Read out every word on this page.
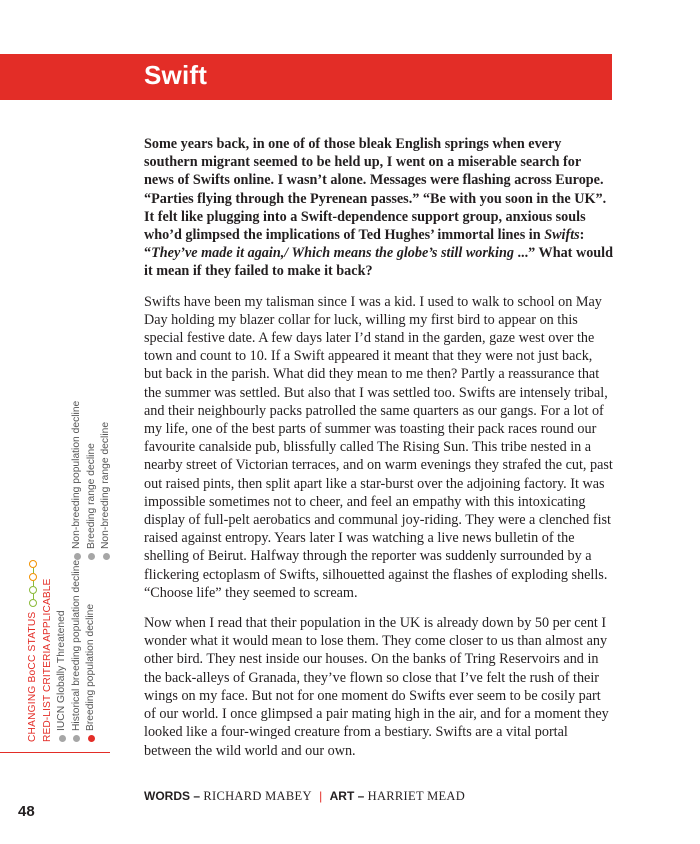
Swift

Some years back, in one of of those bleak English springs when every southern migrant seemed to be held up, I went on a miserable search for news of Swifts online. I wasn’t alone. Messages were flashing across Europe. “Parties flying through the Pyrenean passes.” “Be with you soon in the UK”. It felt like plugging into a Swift-dependence support group, anxious souls who’d glimpsed the implications of Ted Hughes’ immortal lines in Swifts: “They’ve made it again,/ Which means the globe’s still working ...” What would it mean if they failed to make it back?

Swifts have been my talisman since I was a kid. I used to walk to school on May Day holding my blazer collar for luck, willing my first bird to appear on this special festive date. A few days later I’d stand in the garden, gaze west over the town and count to 10. If a Swift appeared it meant that they were not just back, but back in the parish. What did they mean to me then? Partly a reassurance that the summer was settled. But also that I was settled too. Swifts are intensely tribal, and their neighbourly packs patrolled the same quarters as our gangs. For a lot of my life, one of the best parts of summer was toasting their pack races round our favourite canalside pub, blissfully called The Rising Sun. This tribe nested in a nearby street of Victorian terraces, and on warm evenings they strafed the cut, past out raised pints, then split apart like a star-burst over the adjoining factory. It was impossible sometimes not to cheer, and feel an empathy with this intoxicating display of full-pelt aerobatics and communal joy-riding. They were a clenched fist raised against entropy. Years later I was watching a live news bulletin of the shelling of Beirut. Halfway through the reporter was suddenly surrounded by a flickering ectoplasm of Swifts, silhouetted against the flashes of exploding shells. “Choose life” they seemed to scream.

Now when I read that their population in the UK is already down by 50 per cent I wonder what it would mean to lose them. They come closer to us than almost any other bird. They nest inside our houses. On the banks of Tring Reservoirs and in the back-alleys of Granada, they’ve flown so close that I’ve felt the rush of their wings on my face. But not for one moment do Swifts ever seem to be cosily part of our world. I once glimpsed a pair mating high in the air, and for a moment they looked like a four-winged creature from a bestiary. Swifts are a vital portal between the wild world and our own.

CHANGING BoCC STATUS RED-LIST CRITERIA APPLICABLE IUCN Globally Threatened Historical breeding population decline Breeding population decline
Non-breeding population decline Breeding range decline Non-breeding range decline
48
WORDS – RICHARD MABEY | ART – HARRIET MEAD
